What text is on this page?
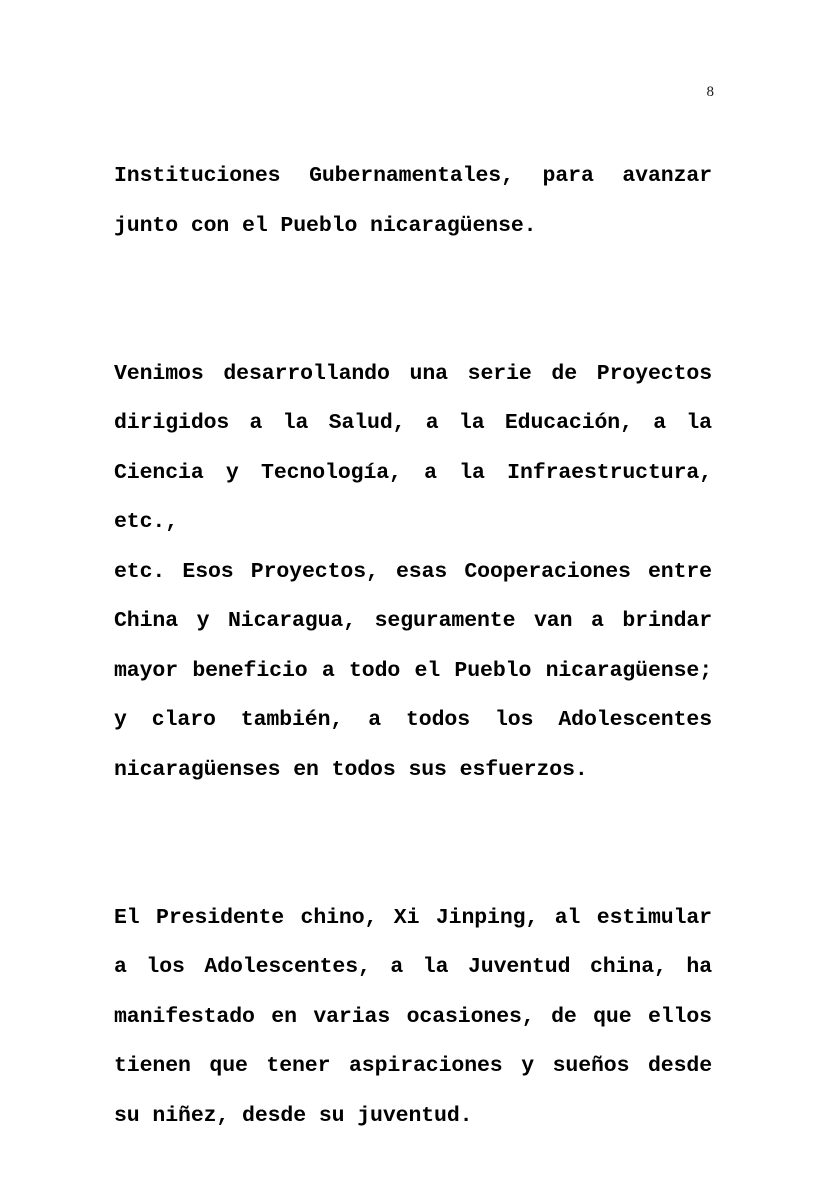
8

Instituciones Gubernamentales, para avanzar
junto con el Pueblo nicaragüense.

Venimos desarrollando una serie de Proyectos
dirigidos a la Salud, a la Educación, a la
Ciencia y Tecnología, a la Infraestructura, etc.,
etc. Esos Proyectos, esas Cooperaciones entre
China y Nicaragua, seguramente van a brindar
mayor beneficio a todo el Pueblo nicaragüense;
y claro también, a todos los Adolescentes
nicaragüenses en todos sus esfuerzos.

El Presidente chino, Xi Jinping, al estimular
a los Adolescentes, a la Juventud china, ha
manifestado en varias ocasiones, de que ellos
tienen que tener aspiraciones y sueños desde
su niñez, desde su juventud.
